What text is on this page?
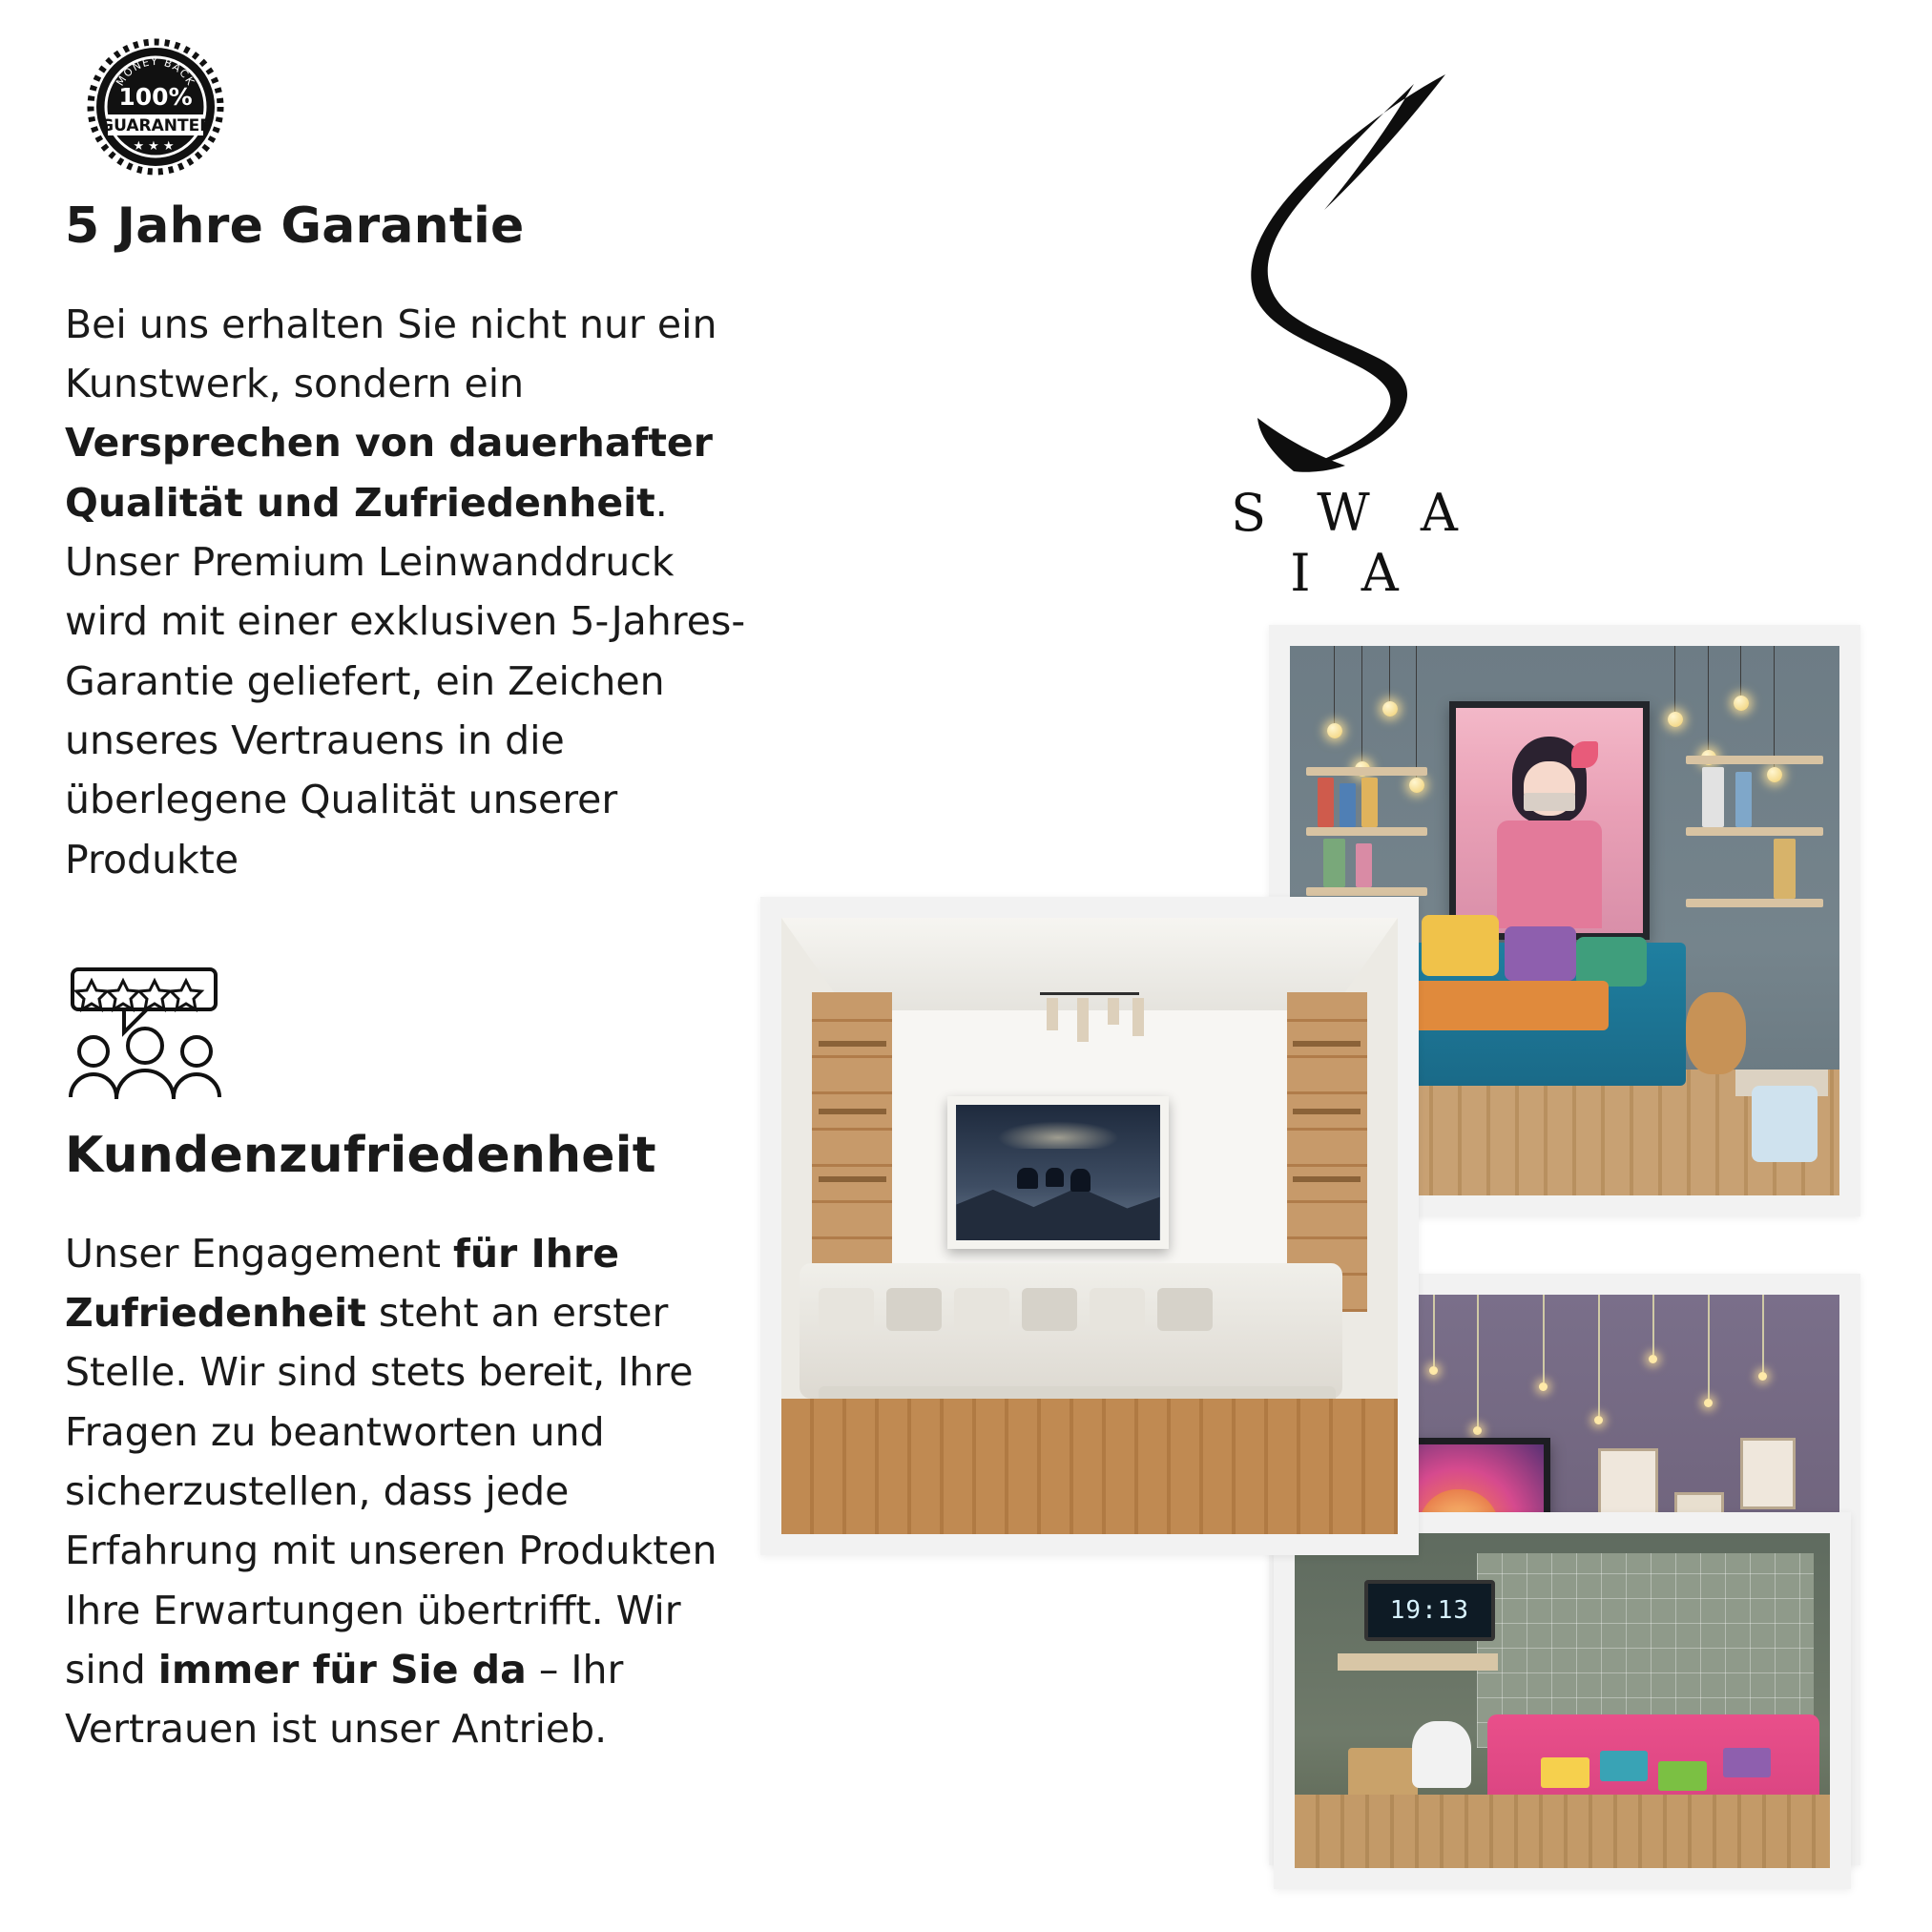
MONEY BACK
100%
GUARANTEE
★★★
5 Jahre Garantie

Bei uns erhalten Sie nicht nur ein Kunstwerk, sondern ein Versprechen von dauerhafter Qualität und Zufriedenheit. Unser Premium Leinwanddruck wird mit einer exklusiven 5-Jahres-Garantie geliefert, ein Zeichen unseres Vertrauens in die überlegene Qualität unserer Produkte

Kundenzufriedenheit

Unser Engagement für Ihre Zufriedenheit steht an erster Stelle. Wir sind stets bereit, Ihre Fragen zu beantworten und sicherzustellen, dass jede Erfahrung mit unseren Produkten Ihre Erwartungen übertrifft. Wir sind immer für Sie da – Ihr Vertrauen ist unser Antrieb.

S W A I A
19:13
